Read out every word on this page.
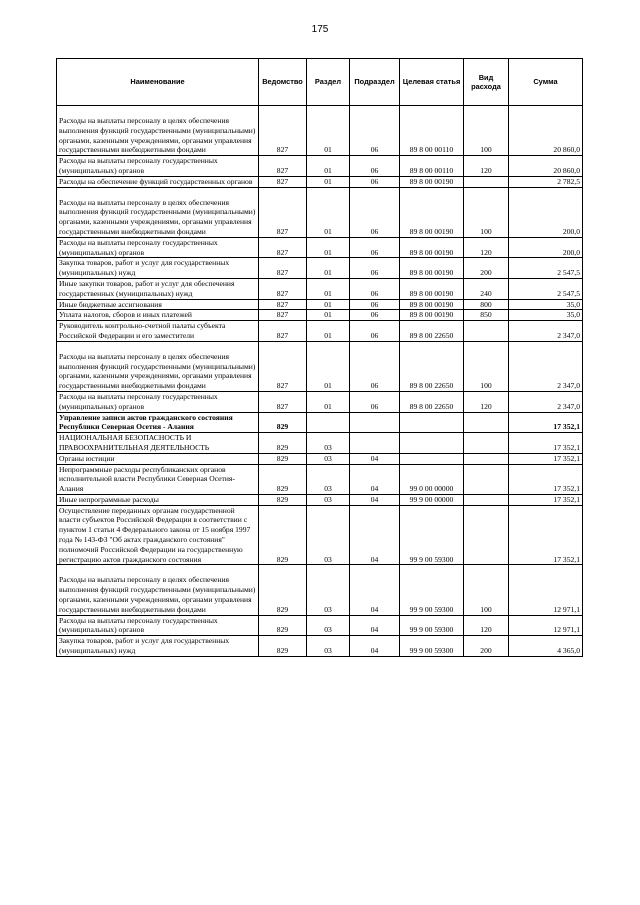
175
Наименование	Ведомство	Раздел	Подраздел	Целевая статья	Вид расхода	Сумма
Расходы на выплаты персоналу в целях обеспечения выполнения функций государственными (муниципальными) органами, казенными учреждениями, органами управления государственными внебюджетными фондами	827	01	06	89 8 00 00110	100	20 860,0
Расходы на выплаты персоналу государственных (муниципальных) органов	827	01	06	89 8 00 00110	120	20 860,0
Расходы на обеспечение функций государственных органов	827	01	06	89 8 00 00190		2 782,5
Расходы на выплаты персоналу в целях обеспечения выполнения функций государственными (муниципальными) органами, казенными учреждениями, органами управления государственными внебюджетными фондами	827	01	06	89 8 00 00190	100	200,0
Расходы на выплаты персоналу государственных (муниципальных) органов	827	01	06	89 8 00 00190	120	200,0
Закупка товаров, работ и услуг для государственных (муниципальных) нужд	827	01	06	89 8 00 00190	200	2 547,5
Иные закупки товаров, работ и услуг для обеспечения государственных (муниципальных) нужд	827	01	06	89 8 00 00190	240	2 547,5
Иные бюджетные ассигнования	827	01	06	89 8 00 00190	800	35,0
Уплата налогов, сборов и иных платежей	827	01	06	89 8 00 00190	850	35,0
Руководитель контрольно-счетной палаты субъекта Российской Федерации и его заместители	827	01	06	89 8 00 22650		2 347,0
Расходы на выплаты персоналу в целях обеспечения выполнения функций государственными (муниципальными) органами, казенными учреждениями, органами управления государственными внебюджетными фондами	827	01	06	89 8 00 22650	100	2 347,0
Расходы на выплаты персоналу государственных (муниципальных) органов	827	01	06	89 8 00 22650	120	2 347,0
Управление записи актов гражданского состояния Республики Северная Осетия - Алания	829					17 352,1
НАЦИОНАЛЬНАЯ БЕЗОПАСНОСТЬ И ПРАВООХРАНИТЕЛЬНАЯ ДЕЯТЕЛЬНОСТЬ	829	03				17 352,1
Органы юстиции	829	03	04			17 352,1
Непрограммные расходы республиканских органов исполнительной власти Республики Северная Осетия-Алания	829	03	04	99 0 00 00000		17 352,1
Иные непрограммные расходы	829	03	04	99 9 00 00000		17 352,1
Осуществление переданных органам государственной власти субъектов Российской Федерации в соответствии с пунктом 1 статьи 4 Федерального закона от 15 ноября 1997 года № 143-ФЗ "Об актах гражданского состояния" полномочий Российской Федерации на государственную регистрацию актов гражданского состояния	829	03	04	99 9 00 59300		17 352,1
Расходы на выплаты персоналу в целях обеспечения выполнения функций государственными (муниципальными) органами, казенными учреждениями, органами управления государственными внебюджетными фондами	829	03	04	99 9 00 59300	100	12 971,1
Расходы на выплаты персоналу государственных (муниципальных) органов	829	03	04	99 9 00 59300	120	12 971,1
Закупка товаров, работ и услуг для государственных (муниципальных) нужд	829	03	04	99 9 00 59300	200	4 365,0
